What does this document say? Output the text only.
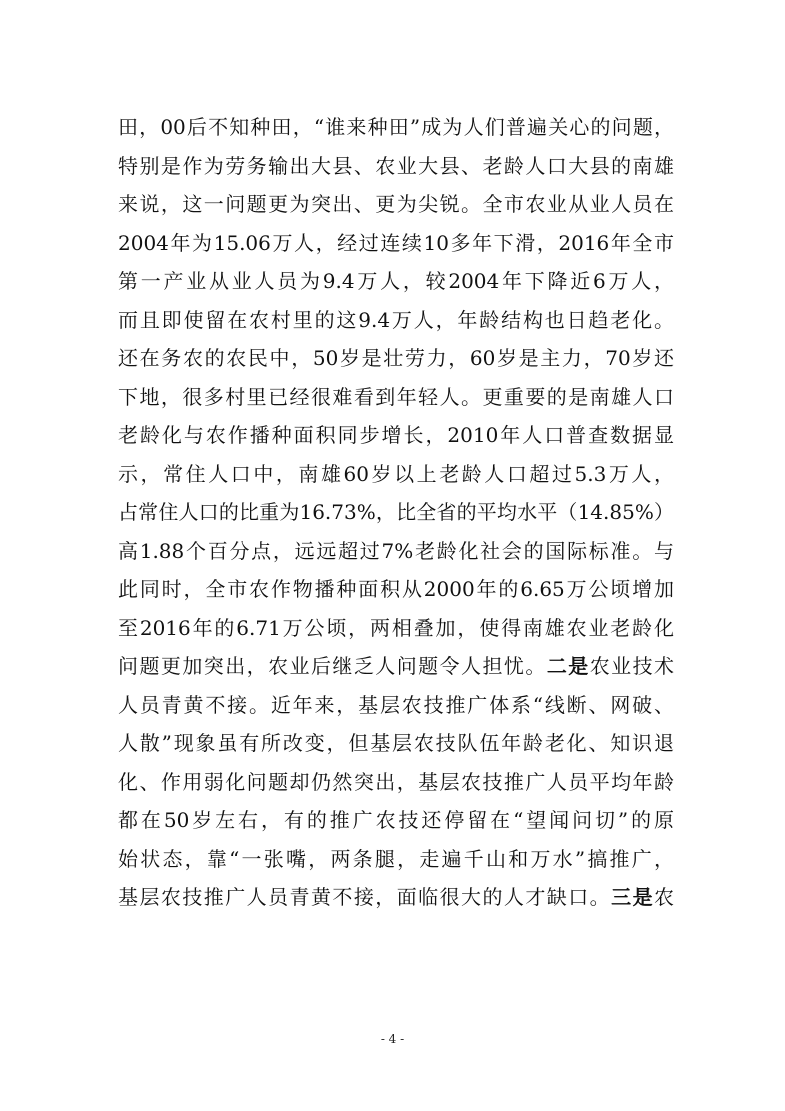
田，00后不知种田，“谁来种田”成为人们普遍关心的问题，
特别是作为劳务输出大县、农业大县、老龄人口大县的南雄
来说，这一问题更为突出、更为尖锐。全市农业从业人员在
2004年为15.06万人，经过连续10多年下滑，2016年全市
第一产业从业人员为9.4万人，较2004年下降近6万人，
而且即使留在农村里的这9.4万人，年龄结构也日趋老化。
还在务农的农民中，50岁是壮劳力，60岁是主力，70岁还
下地，很多村里已经很难看到年轻人。更重要的是南雄人口
老龄化与农作播种面积同步增长，2010年人口普查数据显
示，常住人口中，南雄60岁以上老龄人口超过5.3万人，
占常住人口的比重为16.73%，比全省的平均水平（14.85%）
高1.88个百分点，远远超过7%老龄化社会的国际标准。与
此同时，全市农作物播种面积从2000年的6.65万公顷增加
至2016年的6.71万公顷，两相叠加，使得南雄农业老龄化
问题更加突出，农业后继乏人问题令人担忧。二是农业技术
人员青黄不接。近年来，基层农技推广体系“线断、网破、
人散”现象虽有所改变，但基层农技队伍年龄老化、知识退
化、作用弱化问题却仍然突出，基层农技推广人员平均年龄
都在50岁左右，有的推广农技还停留在“望闻问切”的原
始状态，靠“一张嘴，两条腿，走遍千山和万水”搞推广，
基层农技推广人员青黄不接，面临很大的人才缺口。三是农
- 4 -
